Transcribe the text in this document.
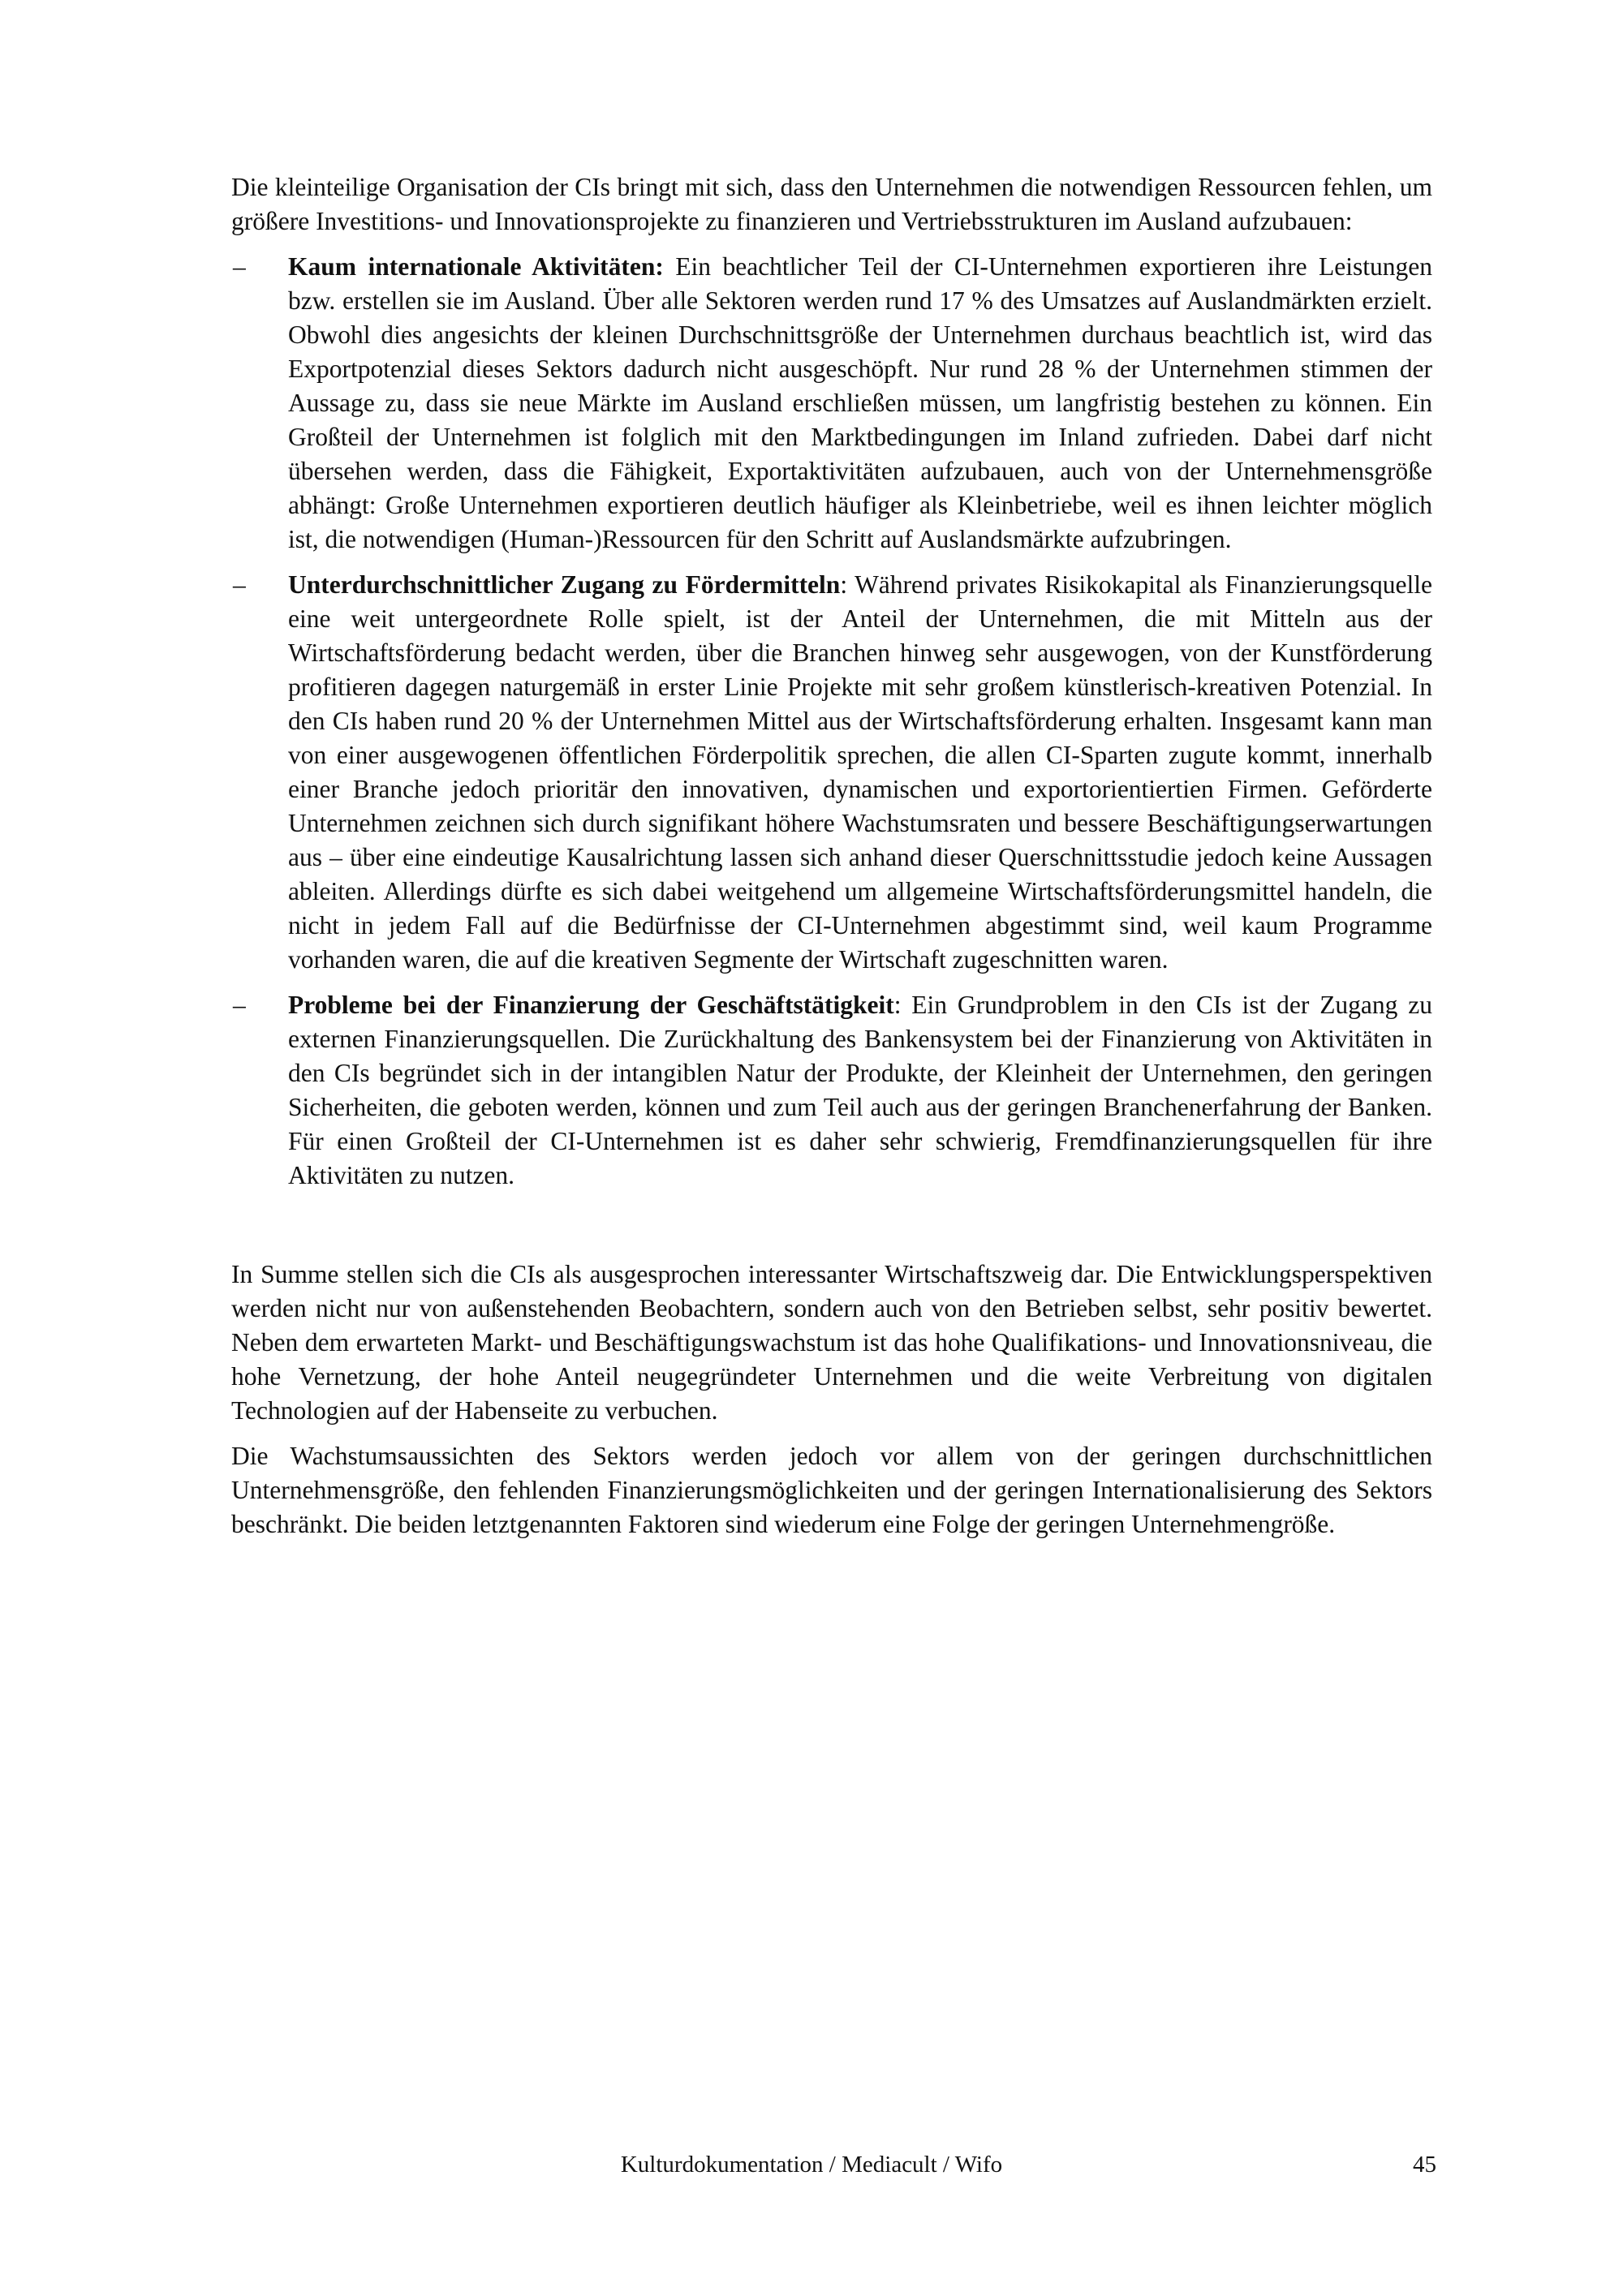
Die kleinteilige Organisation der CIs bringt mit sich, dass den Unternehmen die notwendigen Ressourcen fehlen, um größere Investitions- und Innovationsprojekte zu finanzieren und Vertriebsstrukturen im Ausland aufzubauen:

– Kaum internationale Aktivitäten: Ein beachtlicher Teil der CI-Unternehmen exportieren ihre Leistungen bzw. erstellen sie im Ausland. Über alle Sektoren werden rund 17 % des Umsatzes auf Auslandmärkten erzielt. Obwohl dies angesichts der kleinen Durchschnittsgröße der Unternehmen durchaus beachtlich ist, wird das Exportpotenzial dieses Sektors dadurch nicht ausgeschöpft. Nur rund 28 % der Unternehmen stimmen der Aussage zu, dass sie neue Märkte im Ausland erschließen müssen, um langfristig bestehen zu können. Ein Großteil der Unternehmen ist folglich mit den Marktbedingungen im Inland zufrieden. Dabei darf nicht übersehen werden, dass die Fähigkeit, Exportaktivitäten aufzubauen, auch von der Unternehmensgröße abhängt: Große Unternehmen exportieren deutlich häufiger als Kleinbetriebe, weil es ihnen leichter möglich ist, die notwendigen (Human-)Ressourcen für den Schritt auf Auslandsmärkte aufzubringen.

– Unterdurchschnittlicher Zugang zu Fördermitteln: Während privates Risikokapital als Finanzierungsquelle eine weit untergeordnete Rolle spielt, ist der Anteil der Unternehmen, die mit Mitteln aus der Wirtschaftsförderung bedacht werden, über die Branchen hinweg sehr ausgewogen, von der Kunstförderung profitieren dagegen naturgemäß in erster Linie Projekte mit sehr großem künstlerisch-kreativen Potenzial. In den CIs haben rund 20 % der Unternehmen Mittel aus der Wirtschaftsförderung erhalten. Insgesamt kann man von einer ausgewogenen öffentlichen Förderpolitik sprechen, die allen CI-Sparten zugute kommt, innerhalb einer Branche jedoch prioritär den innovativen, dynamischen und exportorientiertien Firmen. Geförderte Unternehmen zeichnen sich durch signifikant höhere Wachstumsraten und bessere Beschäftigungserwartungen aus – über eine eindeutige Kausalrichtung lassen sich anhand dieser Querschnittsstudie jedoch keine Aussagen ableiten. Allerdings dürfte es sich dabei weitgehend um allgemeine Wirtschaftsförderungsmittel handeln, die nicht in jedem Fall auf die Bedürfnisse der CI-Unternehmen abgestimmt sind, weil kaum Programme vorhanden waren, die auf die kreativen Segmente der Wirtschaft zugeschnitten waren.

– Probleme bei der Finanzierung der Geschäftstätigkeit: Ein Grundproblem in den CIs ist der Zugang zu externen Finanzierungsquellen. Die Zurückhaltung des Bankensystem bei der Finanzierung von Aktivitäten in den CIs begründet sich in der intangiblen Natur der Produkte, der Kleinheit der Unternehmen, den geringen Sicherheiten, die geboten werden, können und zum Teil auch aus der geringen Branchenerfahrung der Banken. Für einen Großteil der CI-Unternehmen ist es daher sehr schwierig, Fremdfinanzierungsquellen für ihre Aktivitäten zu nutzen.

In Summe stellen sich die CIs als ausgesprochen interessanter Wirtschaftszweig dar. Die Entwicklungsperspektiven werden nicht nur von außenstehenden Beobachtern, sondern auch von den Betrieben selbst, sehr positiv bewertet. Neben dem erwarteten Markt- und Beschäftigungswachstum ist das hohe Qualifikations- und Innovationsniveau, die hohe Vernetzung, der hohe Anteil neugegründeter Unternehmen und die weite Verbreitung von digitalen Technologien auf der Habenseite zu verbuchen.

Die Wachstumsaussichten des Sektors werden jedoch vor allem von der geringen durchschnittlichen Unternehmensgröße, den fehlenden Finanzierungsmöglichkeiten und der geringen Internationalisierung des Sektors beschränkt. Die beiden letztgenannten Faktoren sind wiederum eine Folge der geringen Unternehmengröße.

Kulturdokumentation / Mediacult / Wifo	45
